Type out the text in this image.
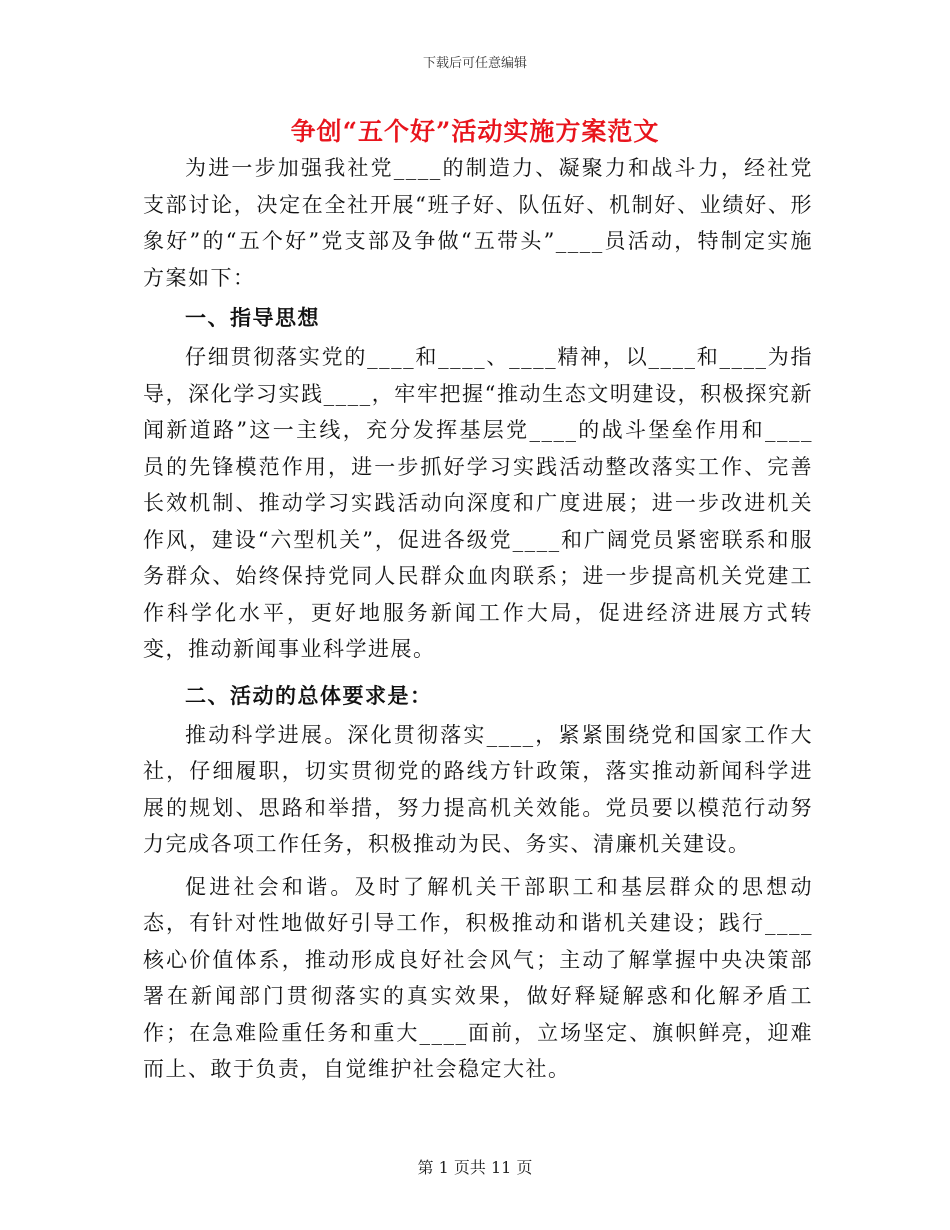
下载后可任意编辑
争创“五个好”活动实施方案范文

为进一步加强我社党____的制造力、凝聚力和战斗力，经社党支部讨论，决定在全社开展“班子好、队伍好、机制好、业绩好、形象好”的“五个好”党支部及争做“五带头”____员活动，特制定实施方案如下：

一、指导思想

仔细贯彻落实党的____和____、____精神，以____和____为指导，深化学习实践____，牢牢把握“推动生态文明建设，积极探究新闻新道路”这一主线，充分发挥基层党____的战斗堡垒作用和____员的先锋模范作用，进一步抓好学习实践活动整改落实工作、完善长效机制、推动学习实践活动向深度和广度进展；进一步改进机关作风，建设“六型机关”，促进各级党____和广阔党员紧密联系和服务群众、始终保持党同人民群众血肉联系；进一步提高机关党建工作科学化水平，更好地服务新闻工作大局，促进经济进展方式转变，推动新闻事业科学进展。

二、活动的总体要求是：

推动科学进展。深化贯彻落实____，紧紧围绕党和国家工作大社，仔细履职，切实贯彻党的路线方针政策，落实推动新闻科学进展的规划、思路和举措，努力提高机关效能。党员要以模范行动努力完成各项工作任务，积极推动为民、务实、清廉机关建设。

促进社会和谐。及时了解机关干部职工和基层群众的思想动态，有针对性地做好引导工作，积极推动和谐机关建设；践行____核心价值体系，推动形成良好社会风气；主动了解掌握中央决策部署在新闻部门贯彻落实的真实效果，做好释疑解惑和化解矛盾工作；在急难险重任务和重大____面前，立场坚定、旗帜鲜亮，迎难而上、敢于负责，自觉维护社会稳定大社。

第 1 页共 11 页
